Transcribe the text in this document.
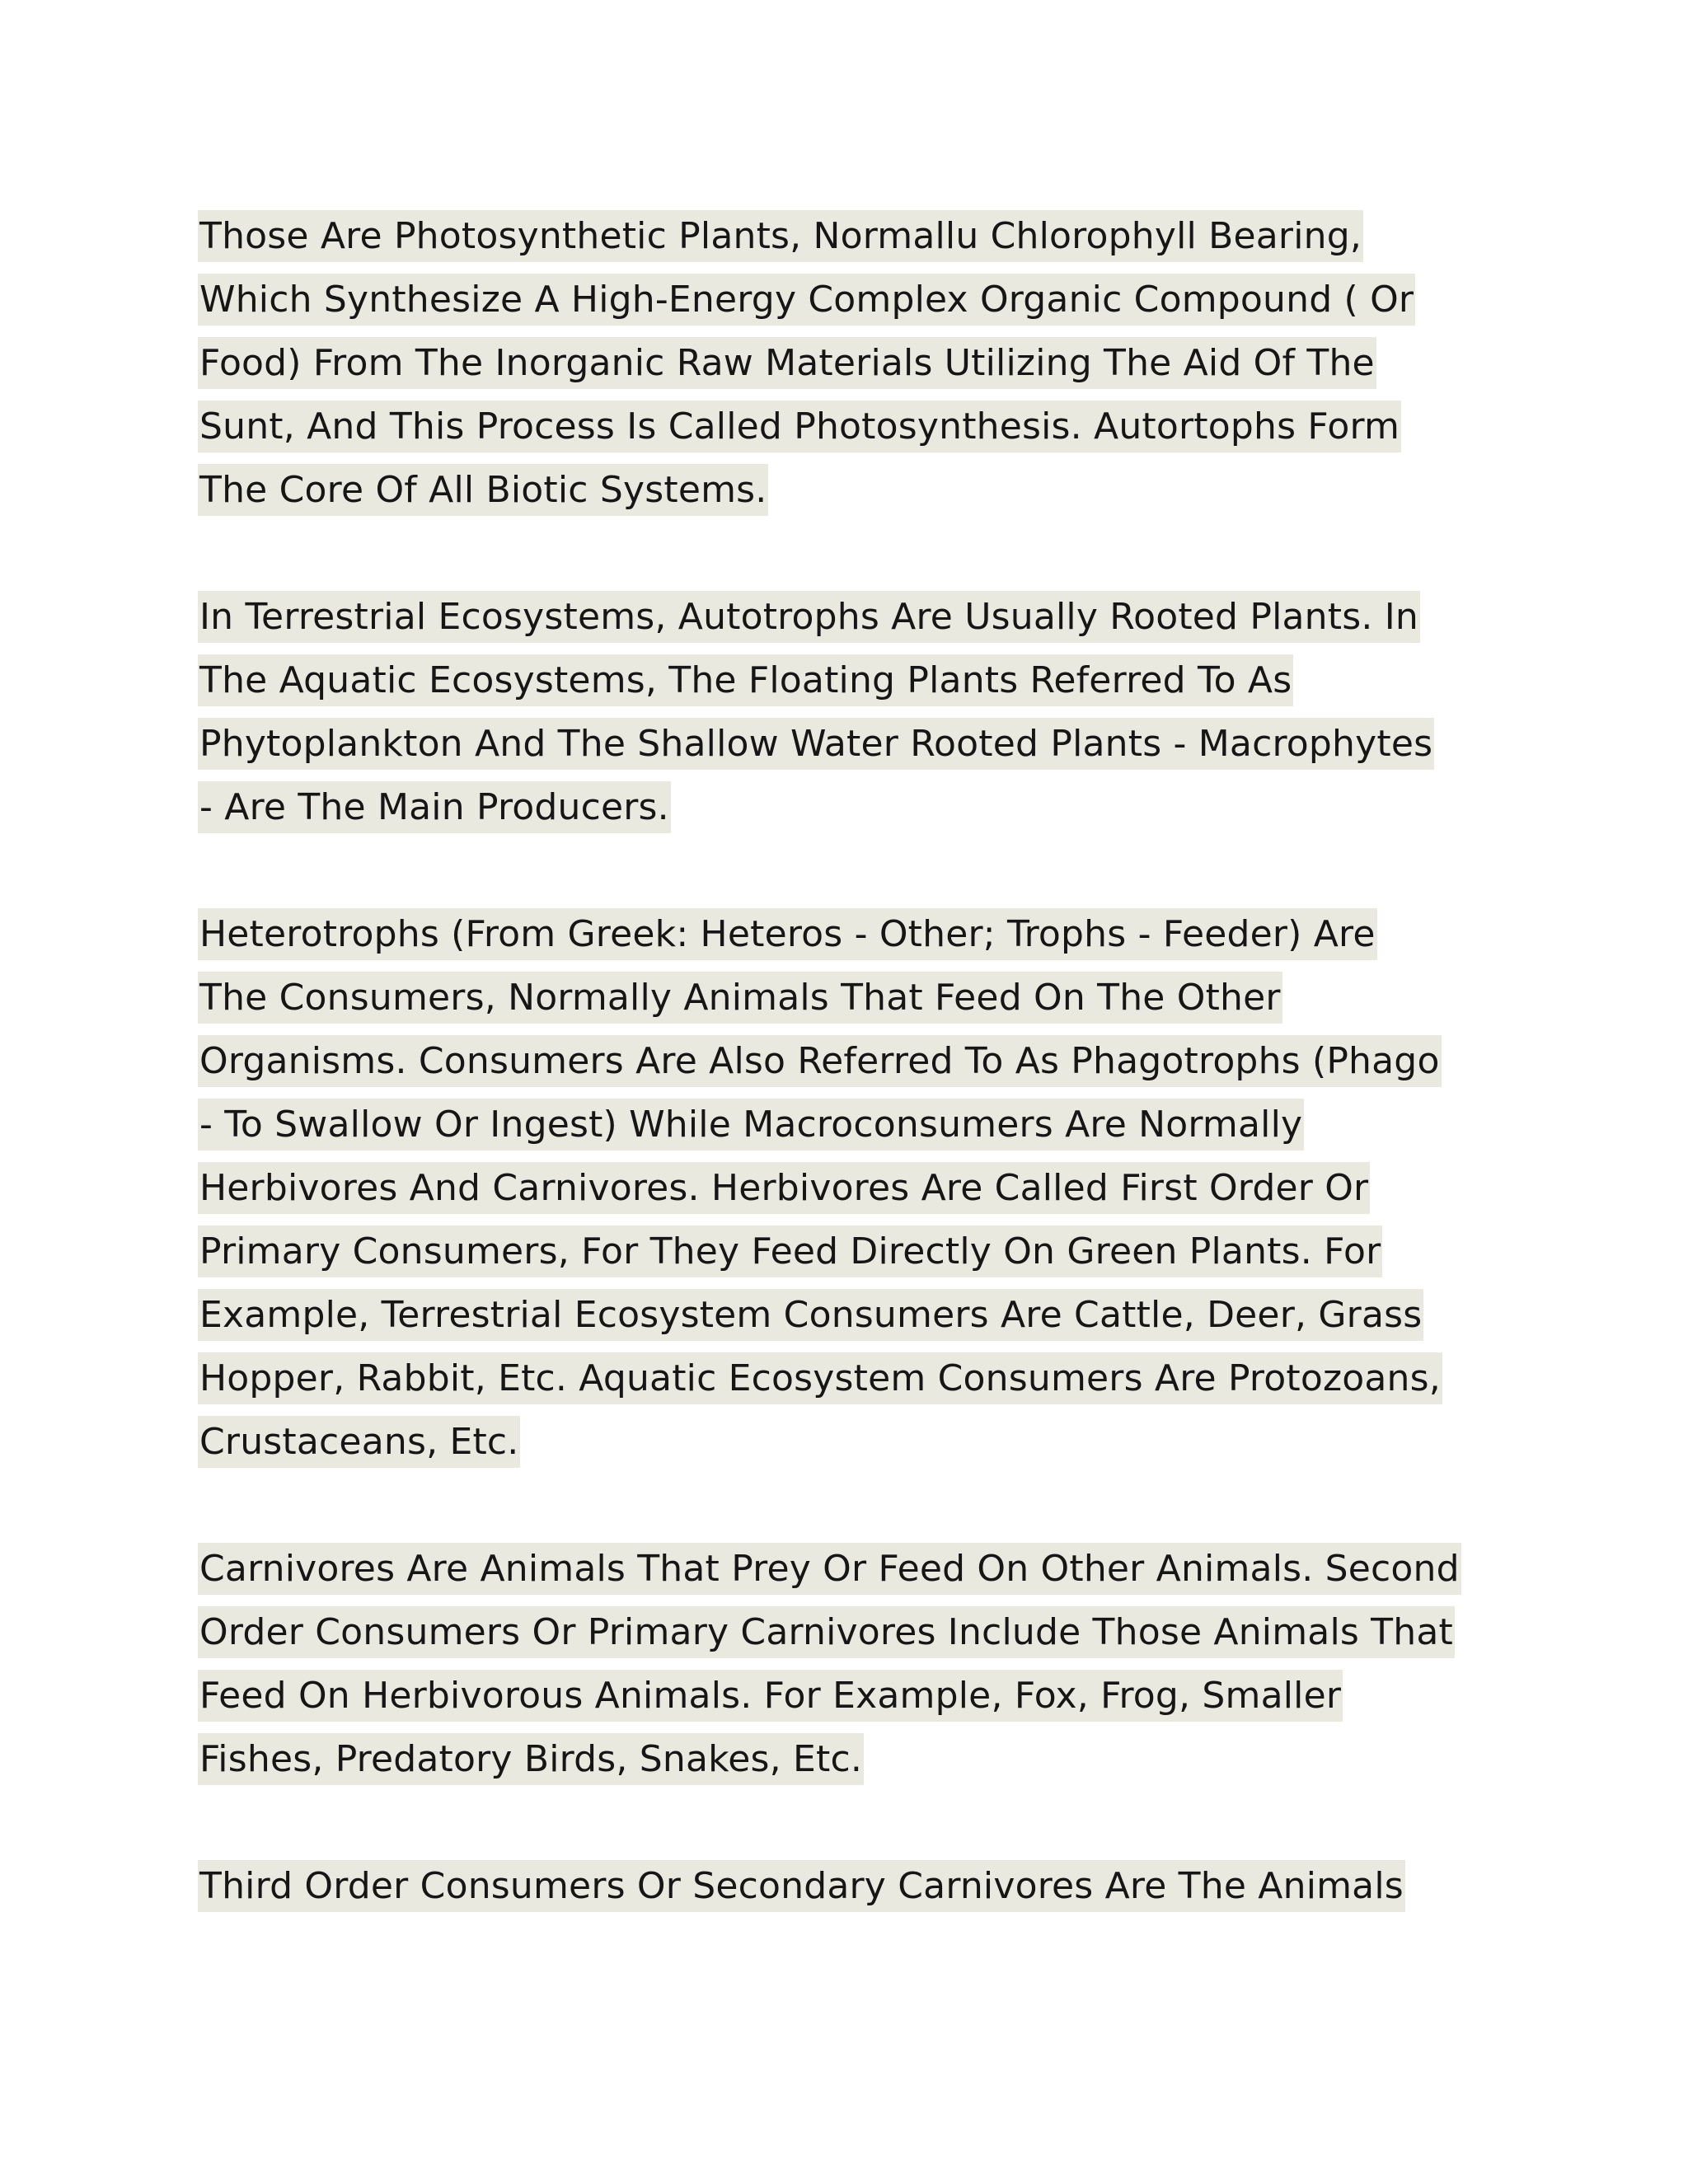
Those Are Photosynthetic Plants, Normallu Chlorophyll Bearing,
Which Synthesize A High-Energy Complex Organic Compound ( Or
Food) From The Inorganic Raw Materials Utilizing The Aid Of The
Sunt, And This Process Is Called Photosynthesis. Autortophs Form
The Core Of All Biotic Systems.
In Terrestrial Ecosystems, Autotrophs Are Usually Rooted Plants. In
The Aquatic Ecosystems, The Floating Plants Referred To As
Phytoplankton And The Shallow Water Rooted Plants - Macrophytes
- Are The Main Producers.
Heterotrophs (From Greek: Heteros - Other; Trophs - Feeder) Are
The Consumers, Normally Animals That Feed On The Other
Organisms. Consumers Are Also Referred To As Phagotrophs (Phago
- To Swallow Or Ingest) While Macroconsumers Are Normally
Herbivores And Carnivores. Herbivores Are Called First Order Or
Primary Consumers, For They Feed Directly On Green Plants. For
Example, Terrestrial Ecosystem Consumers Are Cattle, Deer, Grass
Hopper, Rabbit, Etc. Aquatic Ecosystem Consumers Are Protozoans,
Crustaceans, Etc.
Carnivores Are Animals That Prey Or Feed On Other Animals. Second
Order Consumers Or Primary Carnivores Include Those Animals That
Feed On Herbivorous Animals. For Example, Fox, Frog, Smaller
Fishes, Predatory Birds, Snakes, Etc.
Third Order Consumers Or Secondary Carnivores Are The Animals
